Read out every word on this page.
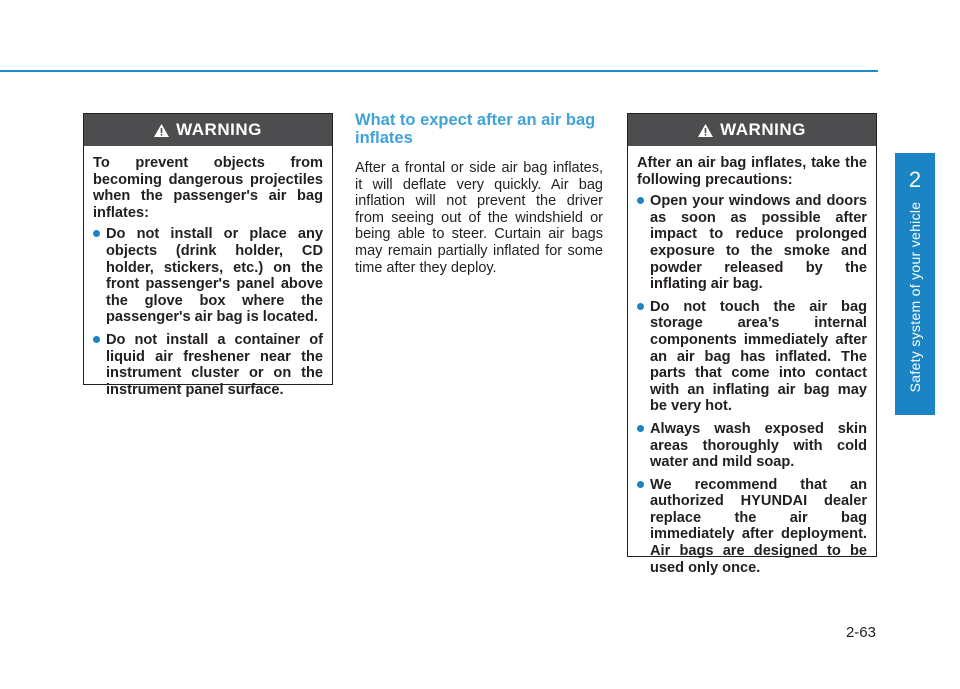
2
Safety system of your vehicle
WARNING

To prevent objects from becoming dangerous projectiles when the passenger's air bag inflates:

Do not install or place any objects (drink holder, CD holder, stickers, etc.) on the front passenger's panel above the glove box where the passenger's air bag is located.
Do not install a container of liquid air freshener near the instrument cluster or on the instrument panel surface.
What to expect after an air bag inflates

After a frontal or side air bag inflates, it will deflate very quickly. Air bag inflation will not prevent the driver from seeing out of the windshield or being able to steer. Curtain air bags may remain partially inflated for some time after they deploy.

WARNING

After an air bag inflates, take the following precautions:

Open your windows and doors as soon as possible after impact to reduce prolonged exposure to the smoke and powder released by the inflating air bag.
Do not touch the air bag storage area’s internal components immediately after an air bag has inflated. The parts that come into contact with an inflating air bag may be very hot.
Always wash exposed skin areas thoroughly with cold water and mild soap.
We recommend that an authorized HYUNDAI dealer replace the air bag immediately after deployment. Air bags are designed to be used only once.
2-63
